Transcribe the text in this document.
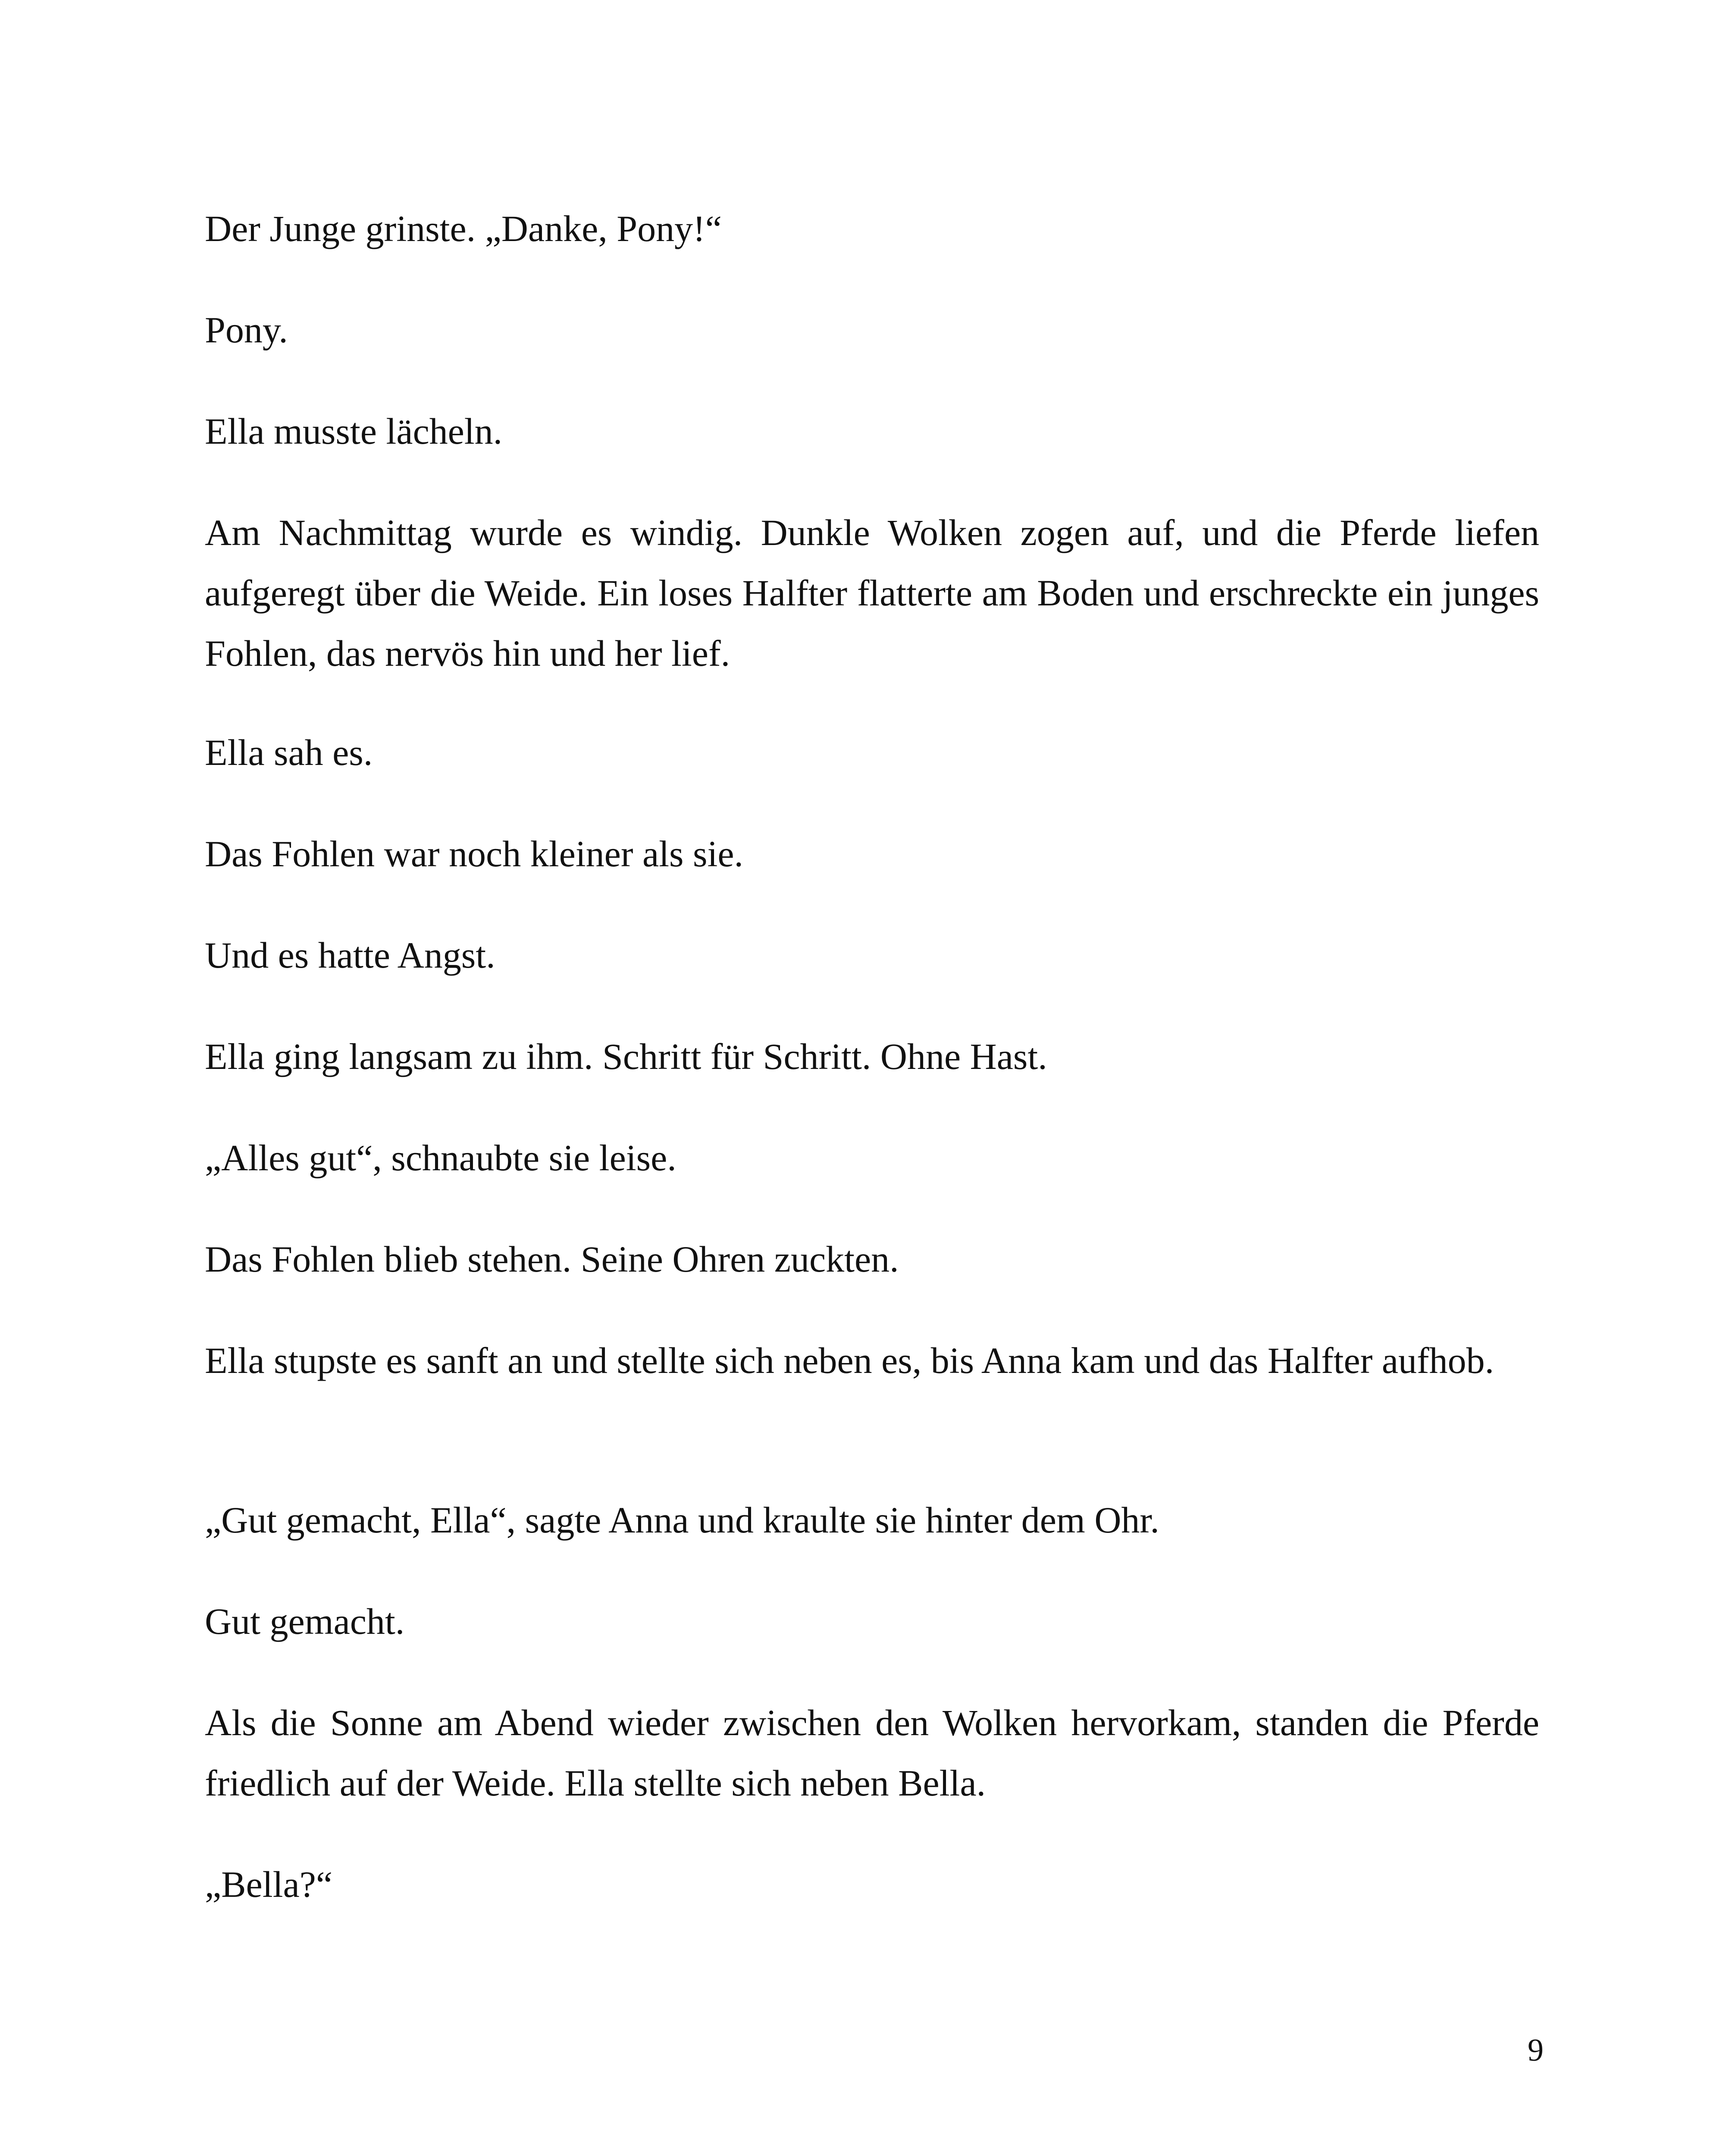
Der Junge grinste. „Danke, Pony!“

Pony.

Ella musste lächeln.

Am Nachmittag wurde es windig. Dunkle Wolken zogen auf, und die Pferde liefen aufgeregt über die Weide. Ein loses Halfter flatterte am Boden und erschreckte ein junges Fohlen, das nervös hin und her lief.

Ella sah es.

Das Fohlen war noch kleiner als sie.

Und es hatte Angst.

Ella ging langsam zu ihm. Schritt für Schritt. Ohne Hast.

„Alles gut“, schnaubte sie leise.

Das Fohlen blieb stehen. Seine Ohren zuckten.

Ella stupste es sanft an und stellte sich neben es, bis Anna kam und das Halfter aufhob.

„Gut gemacht, Ella“, sagte Anna und kraulte sie hinter dem Ohr.

Gut gemacht.

Als die Sonne am Abend wieder zwischen den Wolken hervorkam, standen die Pferde friedlich auf der Weide. Ella stellte sich neben Bella.

„Bella?“

9
